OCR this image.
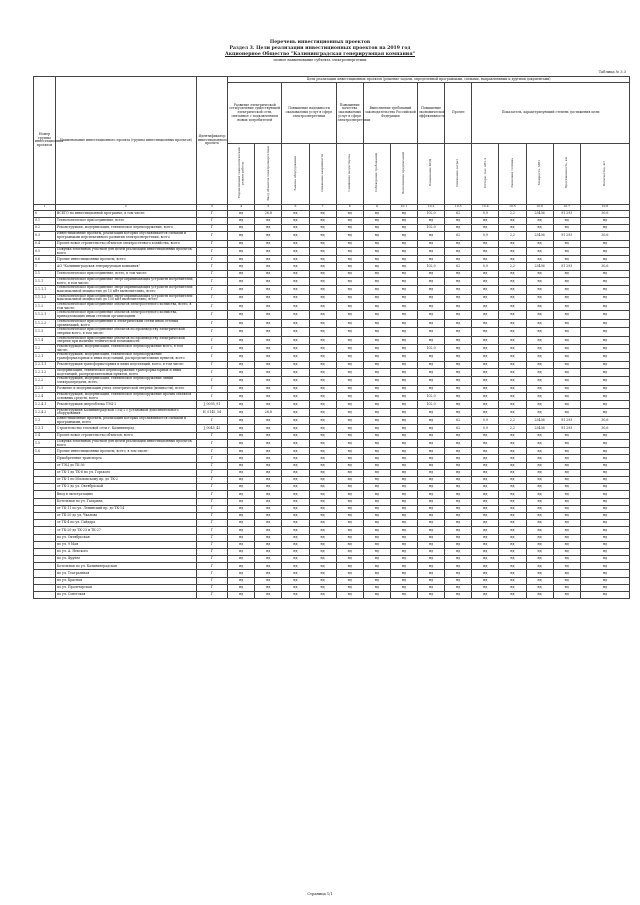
Перечень инвестиционных проектов
Раздел 3. Цели реализации инвестиционных проектов на 2019 год
Акционерное Общество "Калининградская генерирующая компания"
полное наименование субъекта электроэнергетики
Таблица № 3.3
Номер группы инвестиционных проектов	Наименование инвестиционного проекта (группы инвестиционных проектов)	Идентификатор инвестиционного проекта	Цели реализации инвестиционных проектов (решение задачи, определенной программами, схемами, направлениями и другими документами)													
			Развитие электрической сети/усиление существующей электрической сети, связанное с подключением новых потребителей		Повышение надежности оказываемых услуг в сфере электроэнергетики		Повышение качества оказываемых услуг в сфере электроэнергетики	Выполнение требований законодательства Российской Федерации		Повышение экономической эффективности	Прочее	Показатель, характеризующий степень достижения цели				
			Нормативный технологический режим работы	Ввод объектов электроэнергетики	Замена оборудования	Снижение аварийности	Снижение недоотпуска	Соблюдение требований	Выполнение предписаний	Повышение КПД	Снижение затрат	Потери, тыс. кВт·ч	Экономия топлива	Мощность, МВт	Протяженность, км	Количество, шт
1	2	3	4	5	6	7	8	9	10.1	10.2	10.3	10.4	10.5	10.6	10.7	10.8
0	ВСЕГО по инвестиционной программе, в том числе:	Г	нд	26,8	нд	нд	нд	нд	нд	102,0	62	0,9	2,2	23436	91 293	30,6
0.1	Технологическое присоединение, всего	Г	нд	нд	нд	нд	нд	нд	нд	нд	нд	нд	нд	нд	нд	нд
0.2	Реконструкция, модернизация, техническое перевооружение, всего	Г	нд	нд	нд	нд	нд	нд	нд	102,0	нд	нд	нд	нд	нд	нд
0.3	Инвестиционные проекты, реализация которых обуславливается схемами и программами перспективного развития электроэнергетики, всего	Г	нд	нд	нд	нд	нд	нд	нд	нд	62	0,9	2,2	23436	91 293	30,6
0.4	Прочее новое строительство объектов электросетевого хозяйства, всего	Г	нд	нд	нд	нд	нд	нд	нд	нд	нд	нд	нд	нд	нд	нд
0.5	Покупка земельных участков для целей реализации инвестиционных проектов, всего	Г	нд	нд	нд	нд	нд	нд	нд	нд	нд	нд	нд	нд	нд	нд
0.6	Прочие инвестиционные проекты, всего	Г	нд	нд	нд	нд	нд	нд	нд	нд	нд	нд	нд	нд	нд	нд
1	АО "Калининградская генерирующая компания"	Г	нд	нд	нд	нд	нд	нд	нд	102,0	62	0,9	2,2	23436	91 293	30,6
1.1	Технологическое присоединение, всего, в том числе:	Г	нд	нд	нд	нд	нд	нд	нд	нд	нд	нд	нд	нд	нд	нд
1.1.1	Технологическое присоединение энергопринимающих устройств потребителей, всего, в том числе:	Г	нд	нд	нд	нд	нд	нд	нд	нд	нд	нд	нд	нд	нд	нд
1.1.1.1	Технологическое присоединение энергопринимающих устройств потребителей максимальной мощностью до 15 кВт включительно, всего	Г	нд	нд	нд	нд	нд	нд	нд	нд	нд	нд	нд	нд	нд	нд
1.1.1.2	Технологическое присоединение энергопринимающих устройств потребителей максимальной мощностью до 150 кВт включительно, всего	Г	нд	нд	нд	нд	нд	нд	нд	нд	нд	нд	нд	нд	нд	нд
1.1.2	Технологическое присоединение объектов электросетевого хозяйства, всего, в том числе:	Г	нд	нд	нд	нд	нд	нд	нд	нд	нд	нд	нд	нд	нд	нд
1.1.2.1	Технологическое присоединение объектов электросетевого хозяйства, принадлежащих иным сетевым организациям	Г	нд	нд	нд	нд	нд	нд	нд	нд	нд	нд	нд	нд	нд	нд
1.1.2.2	Технологическое присоединение к электрическим сетям иных сетевых организаций, всего	Г	нд	нд	нд	нд	нд	нд	нд	нд	нд	нд	нд	нд	нд	нд
1.1.3	Технологическое присоединение объектов по производству электрической энергии всего, в том числе:	Г	нд	нд	нд	нд	нд	нд	нд	нд	нд	нд	нд	нд	нд	нд
1.1.4	Технологическое присоединение объектов по производству электрической энергии при наличии технической возможности	Г	нд	нд	нд	нд	нд	нд	нд	нд	нд	нд	нд	нд	нд	нд
1.2	Реконструкция, модернизация, техническое перевооружение всего, в том числе:	Г	нд	нд	нд	нд	нд	нд	нд	102,0	нд	нд	нд	нд	нд	нд
1.2.1	Реконструкция, модернизация, техническое перевооружение трансформаторных и иных подстанций, распределительных пунктов, всего	Г	нд	нд	нд	нд	нд	нд	нд	нд	нд	нд	нд	нд	нд	нд
1.2.1.1	Реконструкция трансформаторных и иных подстанций, всего, в том числе:	Г	нд	нд	нд	нд	нд	нд	нд	нд	нд	нд	нд	нд	нд	нд
1.2.1.2	Модернизация, техническое перевооружение трансформаторных и иных подстанций, распределительных пунктов, всего	Г	нд	нд	нд	нд	нд	нд	нд	нд	нд	нд	нд	нд	нд	нд
1.2.2	Реконструкция, модернизация, техническое перевооружение линий электропередачи, всего	Г	нд	нд	нд	нд	нд	нд	нд	нд	нд	нд	нд	нд	нд	нд
1.2.3	Развитие и модернизация учета электрической энергии (мощности), всего	Г	нд	нд	нд	нд	нд	нд	нд	нд	нд	нд	нд	нд	нд	нд
1.2.4	Реконструкция, модернизация, техническое перевооружение прочих объектов основных средств, всего	Г	нд	нд	нд	нд	нд	нд	нд	102,0	нд	нд	нд	нд	нд	нд
1.2.4.1	Реконструкция энергоблока ТЭЦ-2	J_0095_91	нд	нд	нд	нд	нд	нд	нд	102,0	нд	нд	нд	нд	нд	нд
1.2.4.2	Реконструкция Калининградской ТЭЦ-2 с установкой дополнительного оборудования	Н_0145_54	нд	26,8	нд	нд	нд	нд	нд	нд	нд	нд	нд	нд	нд	нд
1.3	Инвестиционные проекты, реализация которых обуславливается схемами и программами, всего	Г	нд	нд	нд	нд	нд	нд	нд	нд	62	0,9	2,2	23436	91 293	30,6
1.3.1	Строительство тепловой сети г. Калининград	J_0045_42	нд	нд	нд	нд	нд	нд	нд	нд	62	0,9	2,2	23436	91 293	30,6
1.4	Прочее новое строительство объектов, всего	Г	нд	нд	нд	нд	нд	нд	нд	нд	нд	нд	нд	нд	нд	нд
1.5	Покупка земельных участков для целей реализации инвестиционных проектов, всего	Г	нд	нд	нд	нд	нд	нд	нд	нд	нд	нд	нд	нд	нд	нд
1.6	Прочие инвестиционные проекты, всего, в том числе:	Г	нд	нд	нд	нд	нд	нд	нд	нд	нд	нд	нд	нд	нд	нд
	Приобретение транспорта	Г	нд	нд	нд	нд	нд	нд	нд	нд	нд	нд	нд	нд	нд	нд
	от ТЭЦ до ТК-36	Г	нд	нд	нд	нд	нд	нд	нд	нд	нд	нд	нд	нд	нд	нд
	от ТК-1 до ТК-6 по ул. Горького	Г	нд	нд	нд	нд	нд	нд	нд	нд	нд	нд	нд	нд	нд	нд
	от ТК-1 по Московскому пр. до ТК-2	Г	нд	нд	нд	нд	нд	нд	нд	нд	нд	нд	нд	нд	нд	нд
	от ТК-2 до ул. Октябрьской	Г	нд	нд	нд	нд	нд	нд	нд	нд	нд	нд	нд	нд	нд	нд
	Ввод в эксплуатацию	Г	нд	нд	нд	нд	нд	нд	нд	нд	нд	нд	нд	нд	нд	нд
	Котельная по ул. Гагарина	Г	нд	нд	нд	нд	нд	нд	нд	нд	нд	нд	нд	нд	нд	нд
	от ТК-11 по ул. Ленинский пр. до ТК-14	Г	нд	нд	нд	нд	нд	нд	нд	нд	нд	нд	нд	нд	нд	нд
	от ТК-20 до ул. Чкалова	Г	нд	нд	нд	нд	нд	нд	нд	нд	нд	нд	нд	нд	нд	нд
	от ТК-4 по ул. Гайдара	Г	нд	нд	нд	нд	нд	нд	нд	нд	нд	нд	нд	нд	нд	нд
	от ТК-20 до ТК-23 и ТК-27	Г	нд	нд	нд	нд	нд	нд	нд	нд	нд	нд	нд	нд	нд	нд
	по ул. Октябрьская	Г	нд	нд	нд	нд	нд	нд	нд	нд	нд	нд	нд	нд	нд	нд
	по ул. 9 Мая	Г	нд	нд	нд	нд	нд	нд	нд	нд	нд	нд	нд	нд	нд	нд
	по ул. А. Невского	Г	нд	нд	нд	нд	нд	нд	нд	нд	нд	нд	нд	нд	нд	нд
	по ул. Фрунзе	Г	нд	нд	нд	нд	нд	нд	нд	нд	нд	нд	нд	нд	нд	нд
	Котельная по ул. Калининградская	Г	нд	нд	нд	нд	нд	нд	нд	нд	нд	нд	нд	нд	нд	нд
	по ул. Театральная	Г	нд	нд	нд	нд	нд	нд	нд	нд	нд	нд	нд	нд	нд	нд
	по ул. Красная	Г	нд	нд	нд	нд	нд	нд	нд	нд	нд	нд	нд	нд	нд	нд
	по ул. Пролетарская	Г	нд	нд	нд	нд	нд	нд	нд	нд	нд	нд	нд	нд	нд	нд
	по ул. Советская	Г	нд	нд	нд	нд	нд	нд	нд	нд	нд	нд	нд	нд	нд	нд
Страница 1/1
